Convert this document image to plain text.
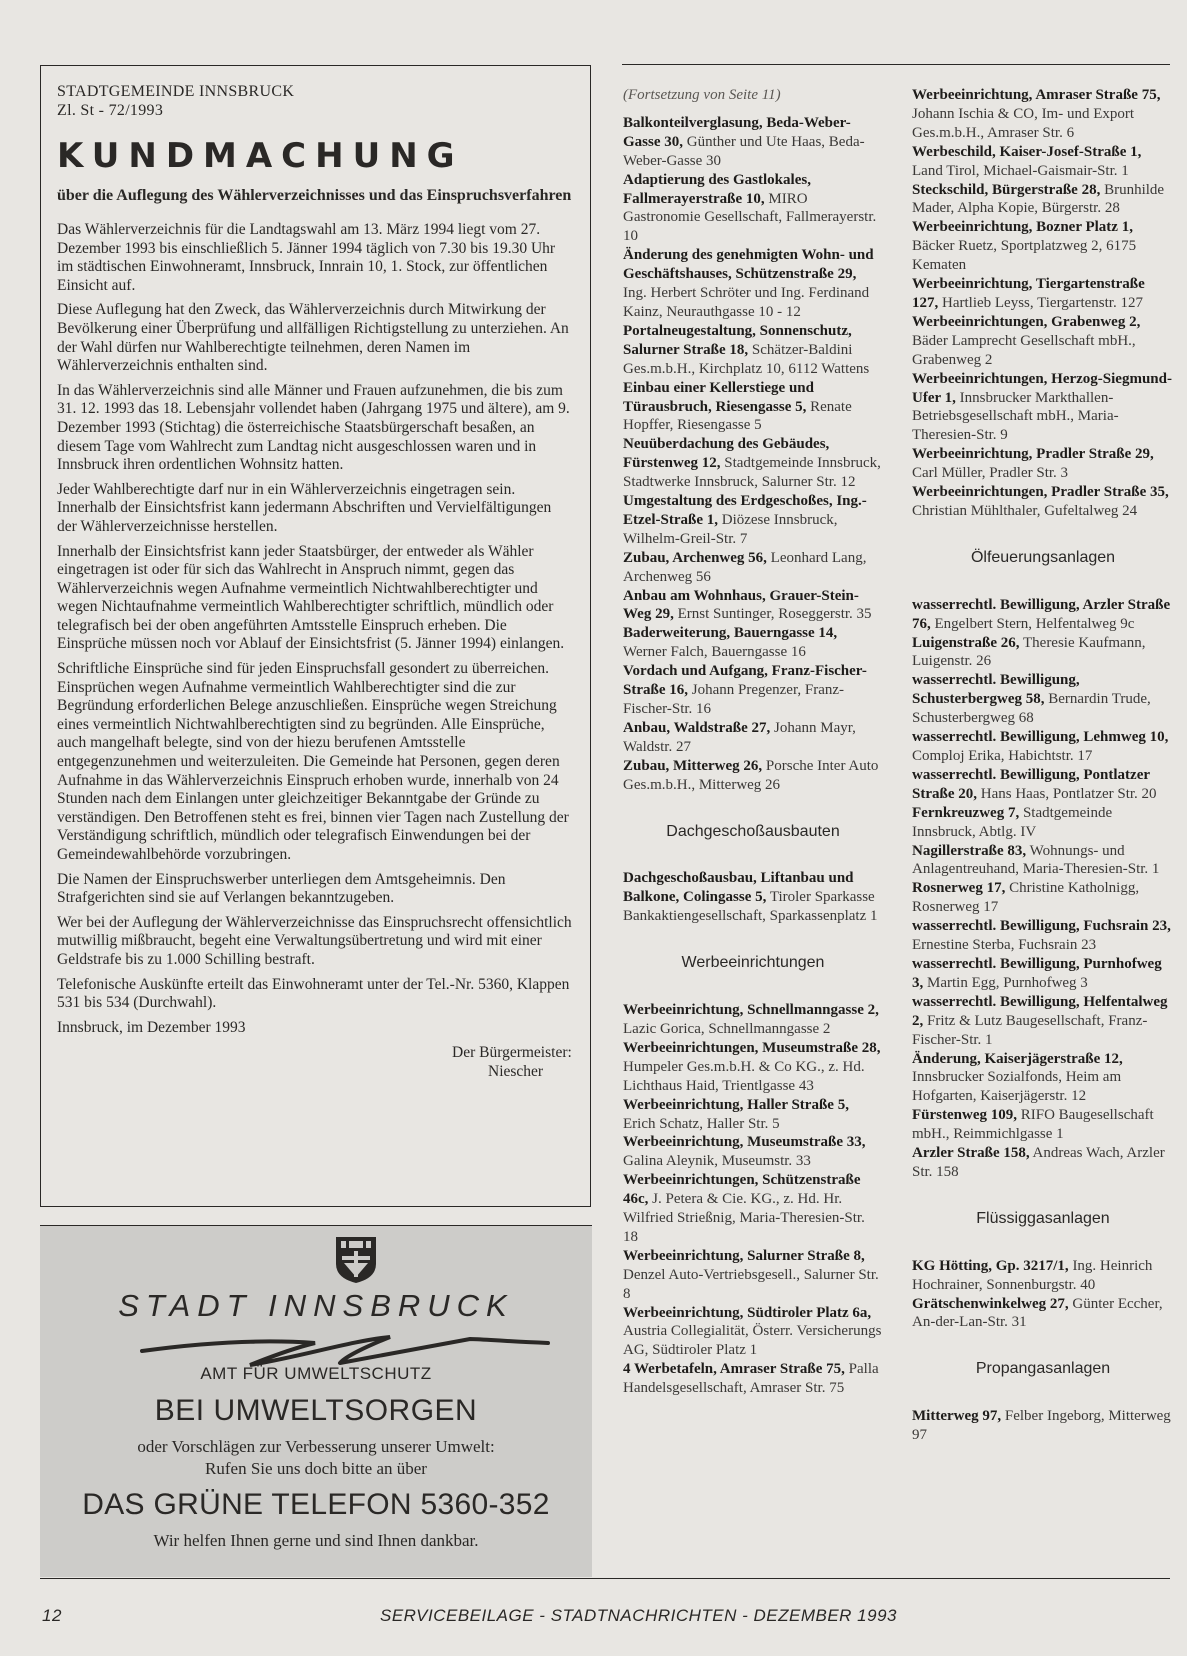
STADTGEMEINDE INNSBRUCK
Zl. St - 72/1993
KUNDMACHUNG
über die Auflegung des Wählerverzeichnisses und das Einspruchsverfahren

Das Wählerverzeichnis für die Landtagswahl am 13. März 1994 liegt vom 27. Dezember 1993 bis einschließlich 5. Jänner 1994 täglich von 7.30 bis 19.30 Uhr im städtischen Einwohneramt, Innsbruck, Innrain 10, 1. Stock, zur öffentlichen Einsicht auf.

Diese Auflegung hat den Zweck, das Wählerverzeichnis durch Mitwirkung der Bevölkerung einer Überprüfung und allfälligen Richtigstellung zu unterziehen. An der Wahl dürfen nur Wahlberechtigte teilnehmen, deren Namen im Wählerverzeichnis enthalten sind.

In das Wählerverzeichnis sind alle Männer und Frauen aufzunehmen, die bis zum 31. 12. 1993 das 18. Lebensjahr vollendet haben (Jahrgang 1975 und ältere), am 9. Dezember 1993 (Stichtag) die österreichische Staatsbürgerschaft besaßen, an diesem Tage vom Wahlrecht zum Landtag nicht ausgeschlossen waren und in Innsbruck ihren ordentlichen Wohnsitz hatten.

Jeder Wahlberechtigte darf nur in ein Wählerverzeichnis eingetragen sein. Innerhalb der Einsichtsfrist kann jedermann Abschriften und Vervielfältigungen der Wählerverzeichnisse herstellen.

Innerhalb der Einsichtsfrist kann jeder Staatsbürger, der entweder als Wähler eingetragen ist oder für sich das Wahlrecht in Anspruch nimmt, gegen das Wählerverzeichnis wegen Aufnahme vermeintlich Nichtwahlberechtigter und wegen Nichtaufnahme vermeintlich Wahlberechtigter schriftlich, mündlich oder telegrafisch bei der oben angeführten Amtsstelle Einspruch erheben. Die Einsprüche müssen noch vor Ablauf der Einsichtsfrist (5. Jänner 1994) einlangen.

Schriftliche Einsprüche sind für jeden Einspruchsfall gesondert zu überreichen. Einsprüchen wegen Aufnahme vermeintlich Wahlberechtigter sind die zur Begründung erforderlichen Belege anzuschließen. Einsprüche wegen Streichung eines vermeintlich Nichtwahlberechtigten sind zu begründen. Alle Einsprüche, auch mangelhaft belegte, sind von der hiezu berufenen Amtsstelle entgegenzunehmen und weiterzuleiten. Die Gemeinde hat Personen, gegen deren Aufnahme in das Wählerverzeichnis Einspruch erhoben wurde, innerhalb von 24 Stunden nach dem Einlangen unter gleichzeitiger Bekanntgabe der Gründe zu verständigen. Den Betroffenen steht es frei, binnen vier Tagen nach Zustellung der Verständigung schriftlich, mündlich oder telegrafisch Einwendungen bei der Gemeindewahlbehörde vorzubringen.

Die Namen der Einspruchswerber unterliegen dem Amtsgeheimnis. Den Strafgerichten sind sie auf Verlangen bekanntzugeben.

Wer bei der Auflegung der Wählerverzeichnisse das Einspruchsrecht offensichtlich mutwillig mißbraucht, begeht eine Verwaltungsübertretung und wird mit einer Geldstrafe bis zu 1.000 Schilling bestraft.

Telefonische Auskünfte erteilt das Einwohneramt unter der Tel.-Nr. 5360, Klappen 531 bis 534 (Durchwahl).

Innsbruck, im Dezember 1993

Der Bürgermeister:
Niescher
STADT INNSBRUCK
AMT FÜR UMWELTSCHUTZ
BEI UMWELTSORGEN
oder Vorschlägen zur Verbesserung unserer Umwelt:
Rufen Sie uns doch bitte an über
DAS GRÜNE TELEFON 5360-352
Wir helfen Ihnen gerne und sind Ihnen dankbar.
(Fortsetzung von Seite 11)

Balkonteilverglasung, Beda-Weber-Gasse 30, Günther und Ute Haas, Beda-Weber-Gasse 30

Adaptierung des Gastlokales, Fallmerayerstraße 10, MIRO Gastronomie Gesellschaft, Fallmerayerstr. 10

Änderung des genehmigten Wohn- und Geschäftshauses, Schützenstraße 29, Ing. Herbert Schröter und Ing. Ferdinand Kainz, Neurauthgasse 10 - 12

Portalneugestaltung, Sonnenschutz, Salurner Straße 18, Schätzer-Baldini Ges.m.b.H., Kirchplatz 10, 6112 Wattens

Einbau einer Kellerstiege und Türausbruch, Riesengasse 5, Renate Hopffer, Riesengasse 5

Neuüberdachung des Gebäudes, Fürstenweg 12, Stadtgemeinde Innsbruck, Stadtwerke Innsbruck, Salurner Str. 12

Umgestaltung des Erdgeschoßes, Ing.-Etzel-Straße 1, Diözese Innsbruck, Wilhelm-Greil-Str. 7

Zubau, Archenweg 56, Leonhard Lang, Archenweg 56

Anbau am Wohnhaus, Grauer-Stein-Weg 29, Ernst Suntinger, Roseggerstr. 35

Baderweiterung, Bauerngasse 14, Werner Falch, Bauerngasse 16

Vordach und Aufgang, Franz-Fischer-Straße 16, Johann Pregenzer, Franz-Fischer-Str. 16

Anbau, Waldstraße 27, Johann Mayr, Waldstr. 27

Zubau, Mitterweg 26, Porsche Inter Auto Ges.m.b.H., Mitterweg 26

Dachgeschoßausbauten

Dachgeschoßausbau, Liftanbau und Balkone, Colingasse 5, Tiroler Sparkasse Bankaktiengesellschaft, Sparkassenplatz 1

Werbeeinrichtungen

Werbeeinrichtung, Schnellmanngasse 2, Lazic Gorica, Schnellmanngasse 2

Werbeeinrichtungen, Museumstraße 28, Humpeler Ges.m.b.H. & Co KG., z. Hd. Lichthaus Haid, Trientlgasse 43

Werbeeinrichtung, Haller Straße 5, Erich Schatz, Haller Str. 5

Werbeeinrichtung, Museumstraße 33, Galina Aleynik, Museumstr. 33

Werbeeinrichtungen, Schützenstraße 46c, J. Petera & Cie. KG., z. Hd. Hr. Wilfried Strießnig, Maria-Theresien-Str. 18

Werbeeinrichtung, Salurner Straße 8, Denzel Auto-Vertriebsgesell., Salurner Str. 8

Werbeeinrichtung, Südtiroler Platz 6a, Austria Collegialität, Österr. Versicherungs AG, Südtiroler Platz 1

4 Werbetafeln, Amraser Straße 75, Palla Handelsgesellschaft, Amraser Str. 75

Werbeeinrichtung, Amraser Straße 75, Johann Ischia & CO, Im- und Export Ges.m.b.H., Amraser Str. 6

Werbeschild, Kaiser-Josef-Straße 1, Land Tirol, Michael-Gaismair-Str. 1

Steckschild, Bürgerstraße 28, Brunhilde Mader, Alpha Kopie, Bürgerstr. 28

Werbeeinrichtung, Bozner Platz 1, Bäcker Ruetz, Sportplatzweg 2, 6175 Kematen

Werbeeinrichtung, Tiergartenstraße 127, Hartlieb Leyss, Tiergartenstr. 127

Werbeeinrichtungen, Grabenweg 2, Bäder Lamprecht Gesellschaft mbH., Grabenweg 2

Werbeeinrichtungen, Herzog-Siegmund-Ufer 1, Innsbrucker Markthallen-Betriebsgesellschaft mbH., Maria-Theresien-Str. 9

Werbeeinrichtung, Pradler Straße 29, Carl Müller, Pradler Str. 3

Werbeeinrichtungen, Pradler Straße 35, Christian Mühlthaler, Gufeltalweg 24

Ölfeuerungsanlagen

wasserrechtl. Bewilligung, Arzler Straße 76, Engelbert Stern, Helfentalweg 9c

Luigenstraße 26, Theresie Kaufmann, Luigenstr. 26

wasserrechtl. Bewilligung, Schusterbergweg 58, Bernardin Trude, Schusterbergweg 68

wasserrechtl. Bewilligung, Lehmweg 10, Comploj Erika, Habichtstr. 17

wasserrechtl. Bewilligung, Pontlatzer Straße 20, Hans Haas, Pontlatzer Str. 20

Fernkreuzweg 7, Stadtgemeinde Innsbruck, Abtlg. IV

Nagillerstraße 83, Wohnungs- und Anlagentreuhand, Maria-Theresien-Str. 1

Rosnerweg 17, Christine Katholnigg, Rosnerweg 17

wasserrechtl. Bewilligung, Fuchsrain 23, Ernestine Sterba, Fuchsrain 23

wasserrechtl. Bewilligung, Purnhofweg 3, Martin Egg, Purnhofweg 3

wasserrechtl. Bewilligung, Helfentalweg 2, Fritz & Lutz Baugesellschaft, Franz-Fischer-Str. 1

Änderung, Kaiserjägerstraße 12, Innsbrucker Sozialfonds, Heim am Hofgarten, Kaiserjägerstr. 12

Fürstenweg 109, RIFO Baugesellschaft mbH., Reimmichlgasse 1

Arzler Straße 158, Andreas Wach, Arzler Str. 158

Flüssiggasanlagen

KG Hötting, Gp. 3217/1, Ing. Heinrich Hochrainer, Sonnenburgstr. 40

Grätschenwinkelweg 27, Günter Eccher, An-der-Lan-Str. 31

Propangasanlagen

Mitterweg 97, Felber Ingeborg, Mitterweg 97

12	SERVICEBEILAGE - STADTNACHRICHTEN - DEZEMBER 1993
